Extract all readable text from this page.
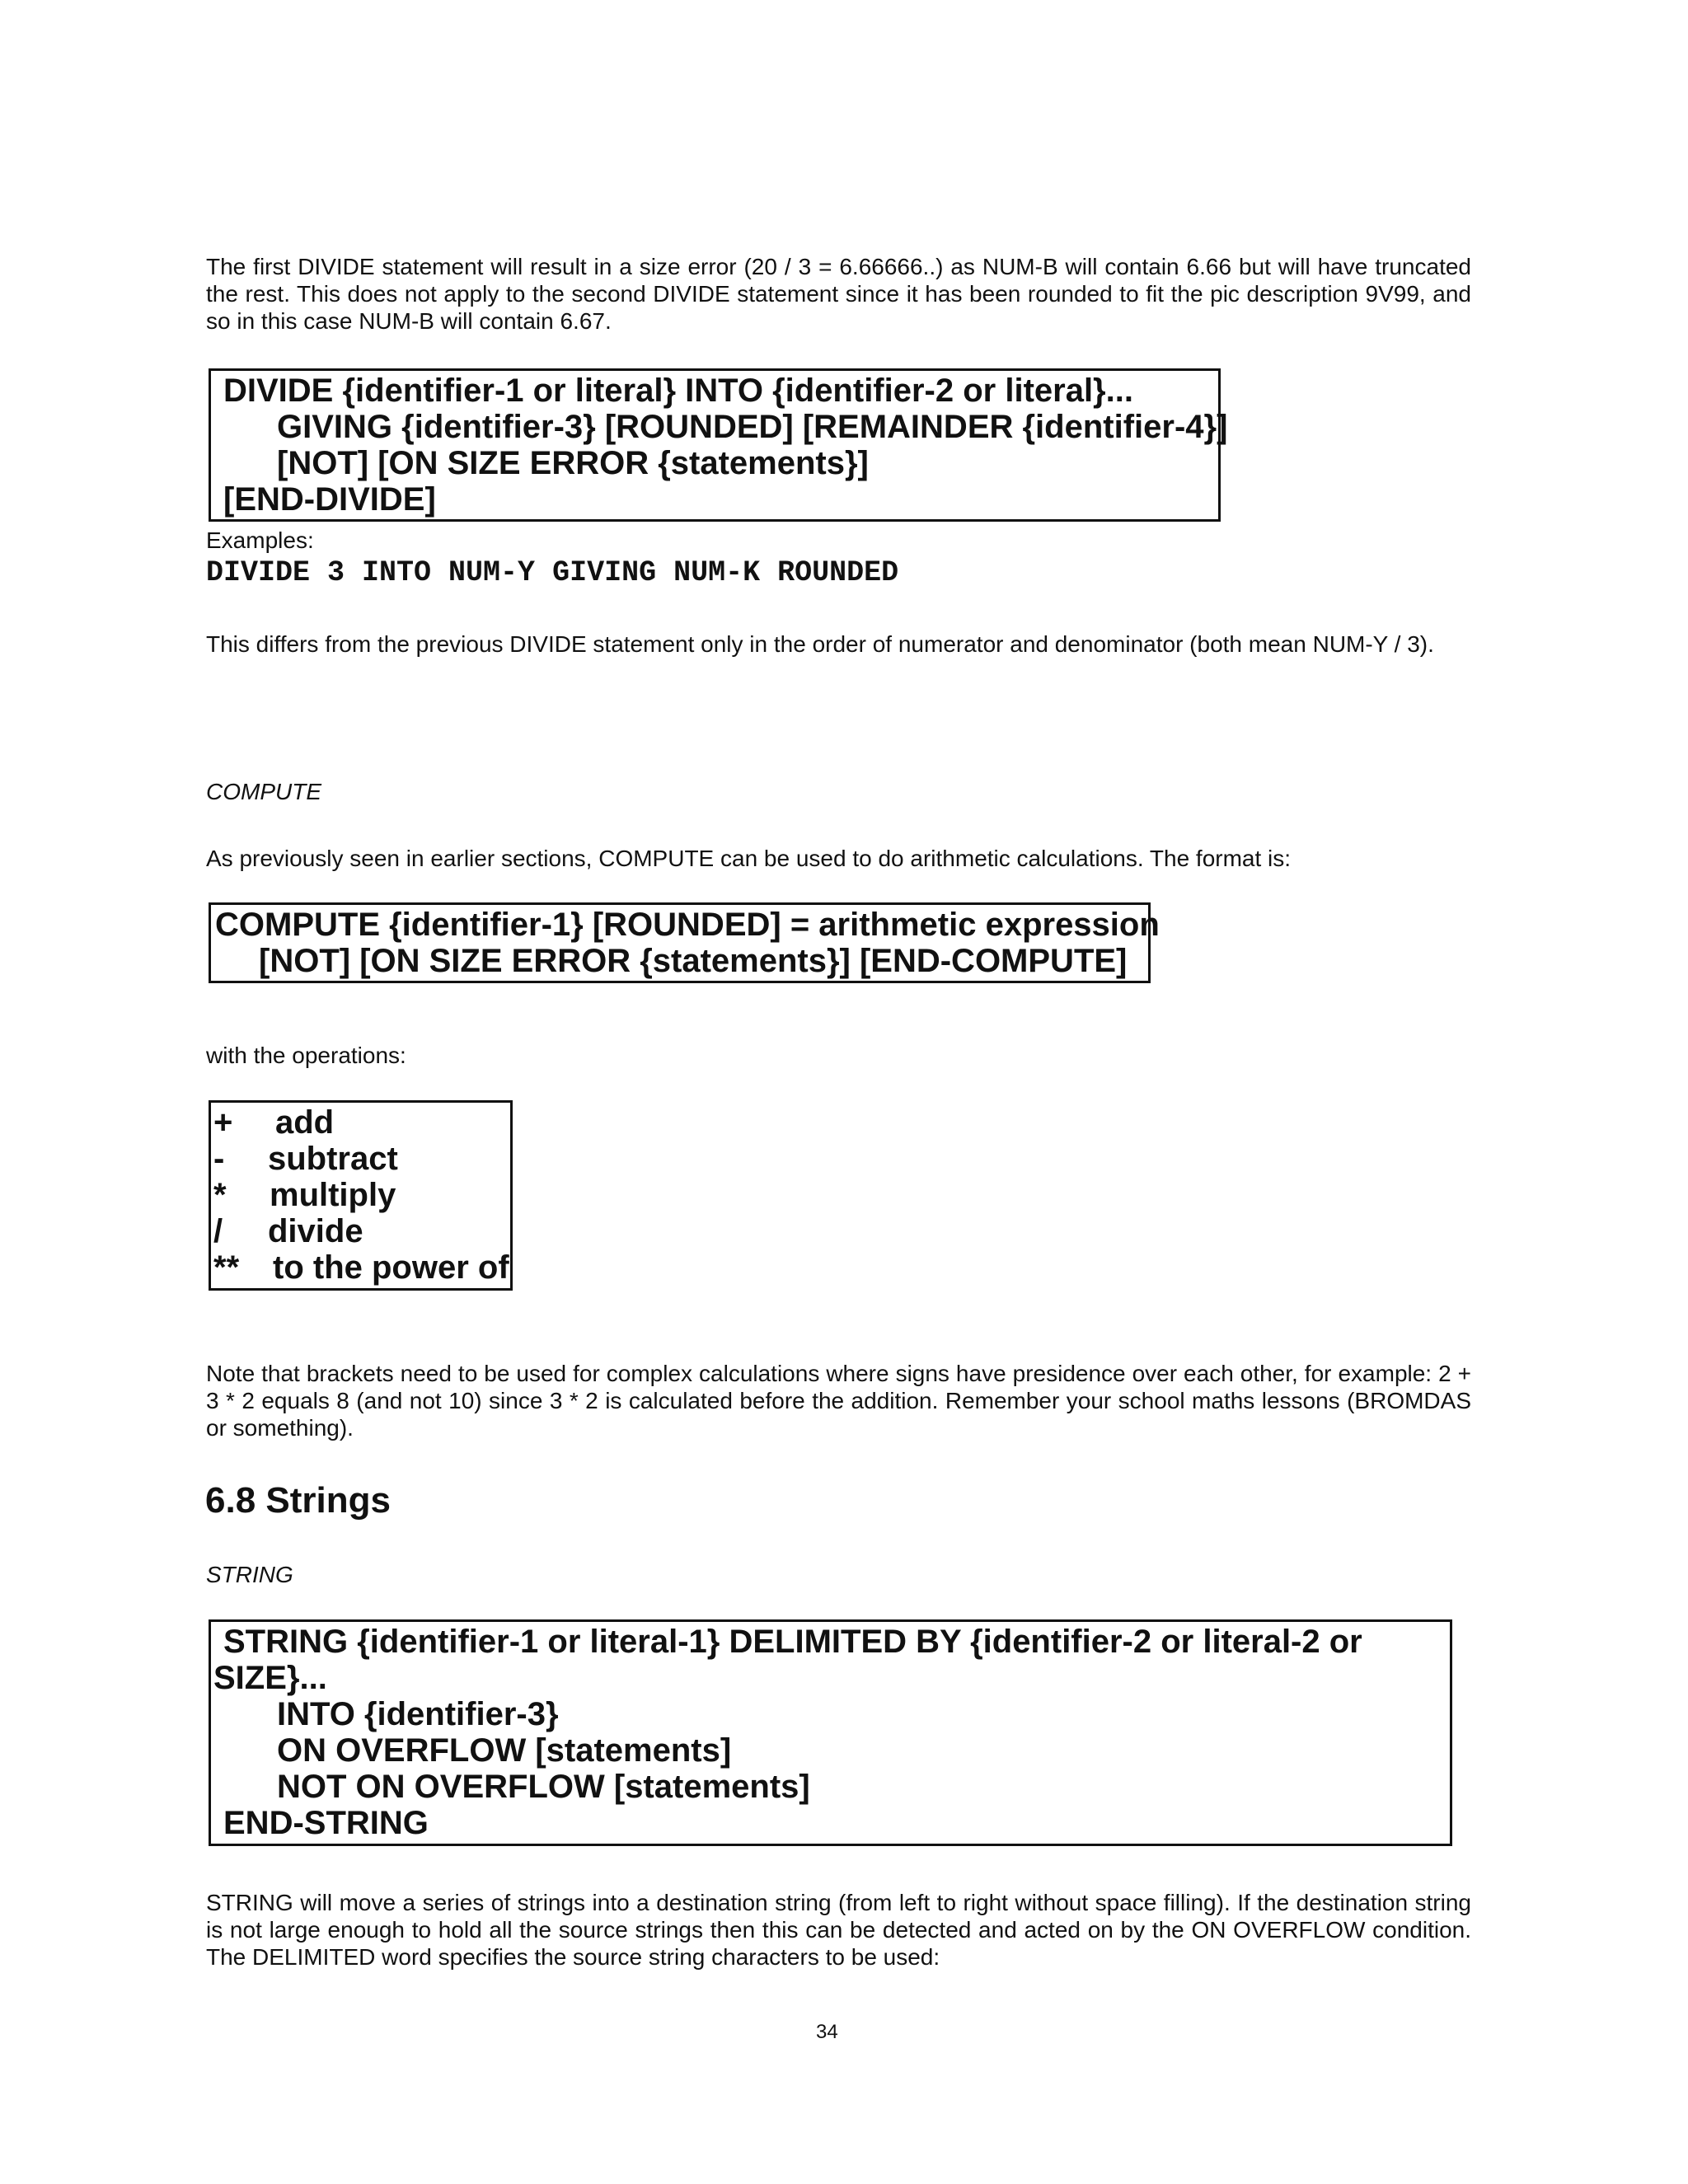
The first DIVIDE statement will result in a size error (20 / 3 = 6.66666..) as NUM-B will contain 6.66 but will have truncated the rest. This does not apply to the second DIVIDE statement since it has been rounded to fit the pic description 9V99, and so in this case NUM-B will contain 6.67.
DIVIDE {identifier-1 or literal} INTO {identifier-2 or literal}...
GIVING {identifier-3} [ROUNDED] [REMAINDER {identifier-4}]
[NOT] [ON SIZE ERROR {statements}]
[END-DIVIDE]
Examples:
DIVIDE 3 INTO NUM-Y GIVING NUM-K ROUNDED
This differs from the previous DIVIDE statement only in the order of numerator and denominator (both mean NUM-Y / 3).
COMPUTE
As previously seen in earlier sections, COMPUTE can be used to do arithmetic calculations. The format is:
COMPUTE {identifier-1} [ROUNDED] = arithmetic expression
[NOT] [ON SIZE ERROR {statements}] [END-COMPUTE]
with the operations:
+ add
- subtract
* multiply
/ divide
** to the power of
Note that brackets need to be used for complex calculations where signs have presidence over each other, for example: 2 + 3 * 2 equals 8 (and not 10) since 3 * 2 is calculated before the addition. Remember your school maths lessons (BROMDAS or something).
6.8 Strings
STRING
STRING {identifier-1 or literal-1} DELIMITED BY {identifier-2 or literal-2 or
SIZE}...
INTO {identifier-3}
ON OVERFLOW [statements]
NOT ON OVERFLOW [statements]
END-STRING
STRING will move a series of strings into a destination string (from left to right without space filling). If the destination string is not large enough to hold all the source strings then this can be detected and acted on by the ON OVERFLOW condition. The DELIMITED word specifies the source string characters to be used:
34
